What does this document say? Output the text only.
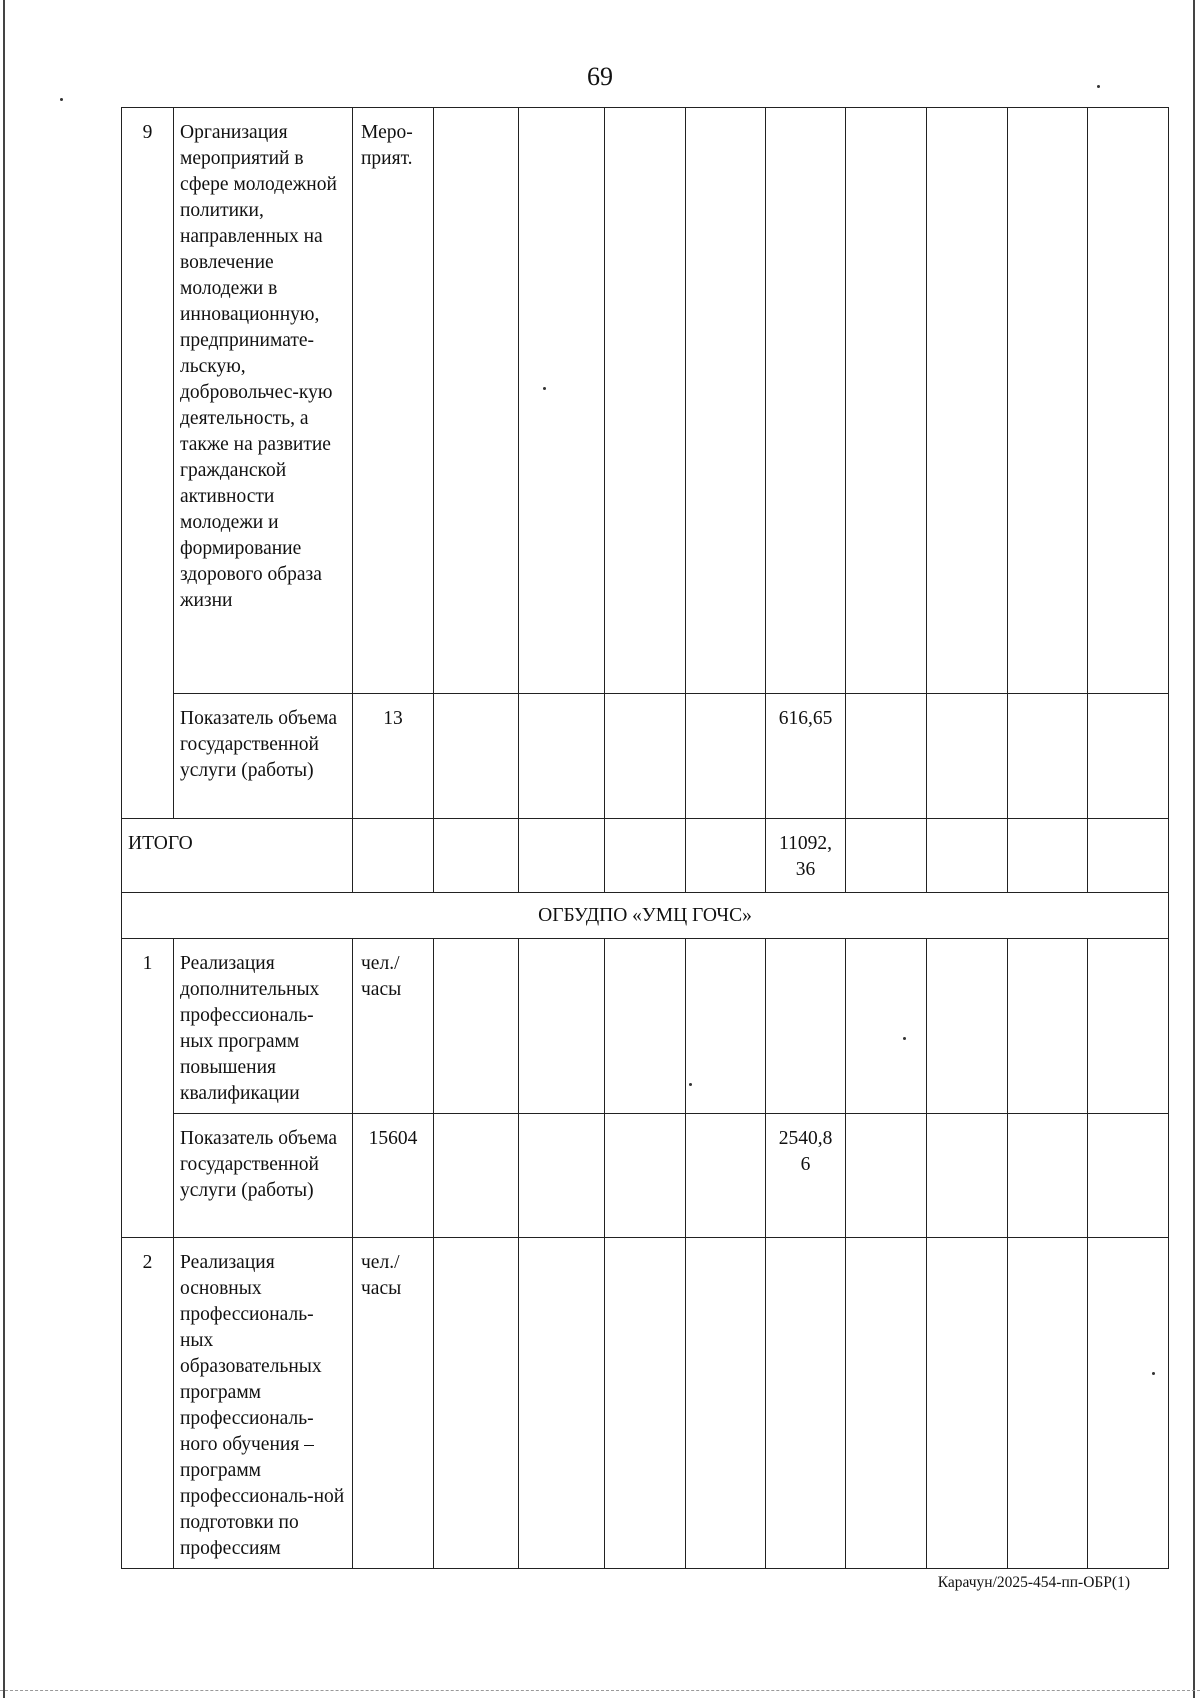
69
9	Организация мероприятий в сфере молодежной политики, направленных на вовлечение молодежи в инновационную, предпринимате-льскую, добровольчес-кую деятельность, а также на развитие гражданской активности молодежи и формирование здорового образа жизни	Меро-прият.									
	Показатель объема государственной услуги (работы)	13					616,65				
ИТОГО							11092, 36				
ОГБУДПО «УМЦ ГОЧС»											
1	Реализация дополнительных профессиональ-ных программ повышения квалификации	чел./ часы									
	Показатель объема государственной услуги (работы)	15604					2540,8 6				
2	Реализация основных профессиональ-ных образовательных программ профессиональ-ного обучения – программ профессиональ-ной подготовки по профессиям	чел./ часы									
Карачун/2025-454-пп-ОБР(1)
